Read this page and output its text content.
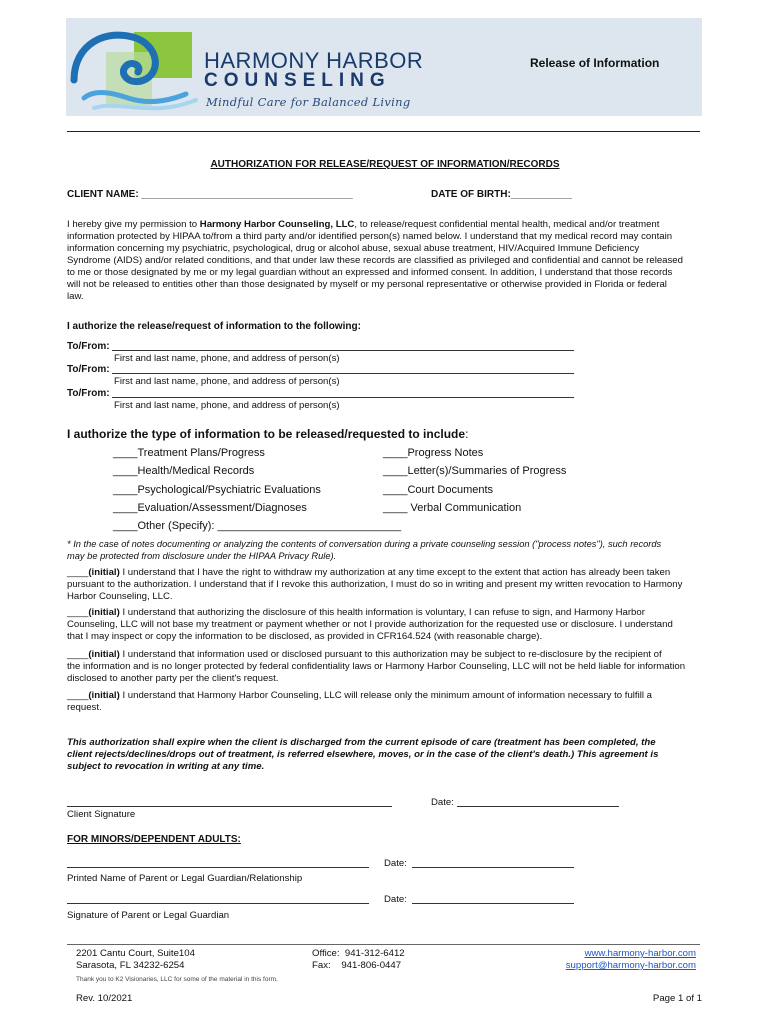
HARMONY HARBOR
COUNSELING
Mindful Care for Balanced Living
Release of Information
AUTHORIZATION FOR RELEASE/REQUEST OF INFORMATION/RECORDS
CLIENT NAME: ______________________________________	DATE OF BIRTH:___________
I hereby give my permission to Harmony Harbor Counseling, LLC, to release/request confidential mental health, medical and/or treatment
information protected by HIPAA to/from a third party and/or identified person(s) named below. I understand that my medical record may contain
information concerning my psychiatric, psychological, drug or alcohol abuse, sexual abuse treatment, HIV/Acquired Immune Deficiency
Syndrome (AIDS) and/or related conditions, and that under law these records are classified as privileged and confidential and cannot be released
to me or those designated by me or my legal guardian without an expressed and informed consent. In addition, I understand that those records
will not be released to entities other than those designated by myself or my personal representative or otherwise provided in Florida or federal
law.
I authorize the release/request of information to the following:
To/From:
First and last name, phone, and address of person(s)
To/From:
First and last name, phone, and address of person(s)
To/From:
First and last name, phone, and address of person(s)
I authorize the type of information to be released/requested to include:
____Treatment Plans/Progress
____Health/Medical Records
____Psychological/Psychiatric Evaluations
____Evaluation/Assessment/Diagnoses
____Other (Specify): ______________________________
____Progress Notes
____Letter(s)/Summaries of Progress
____Court Documents
____ Verbal Communication
* In the case of notes documenting or analyzing the contents of conversation during a private counseling session ("process notes"), such records
may be protected from disclosure under the HIPAA Privacy Rule).
____(initial) I understand that I have the right to withdraw my authorization at any time except to the extent that action has already been taken
pursuant to the authorization. I understand that if I revoke this authorization, I must do so in writing and present my written revocation to Harmony
Harbor Counseling, LLC.
____(initial) I understand that authorizing the disclosure of this health information is voluntary, I can refuse to sign, and Harmony Harbor
Counseling, LLC will not base my treatment or payment whether or not I provide authorization for the requested use or disclosure. I understand
that I may inspect or copy the information to be disclosed, as provided in CFR164.524 (with reasonable charge).
____(initial) I understand that information used or disclosed pursuant to this authorization may be subject to re-disclosure by the recipient of
the information and is no longer protected by federal confidentiality laws or Harmony Harbor Counseling, LLC will not be held liable for information
disclosed to another party per the client's request.
____(initial) I understand that Harmony Harbor Counseling, LLC will release only the minimum amount of information necessary to fulfill a
request.
This authorization shall expire when the client is discharged from the current episode of care (treatment has been completed, the
client rejects/declines/drops out of treatment, is referred elsewhere, moves, or in the case of the client's death.) This agreement is
subject to revocation in writing at any time.
Client Signature
Date:
FOR MINORS/DEPENDENT ADULTS:
Printed Name of Parent or Legal Guardian/Relationship
Date:
Signature of Parent or Legal Guardian
Date:
2201 Cantu Court, Suite104
Sarasota, FL 34232-6254
Office:  941-312-6412
Fax:    941-806-0447
www.harmony-harbor.com
support@harmony-harbor.com
Thank you to K2 Visionaries, LLC for some of the material in this form.
Rev. 10/2021	Page 1 of 1
